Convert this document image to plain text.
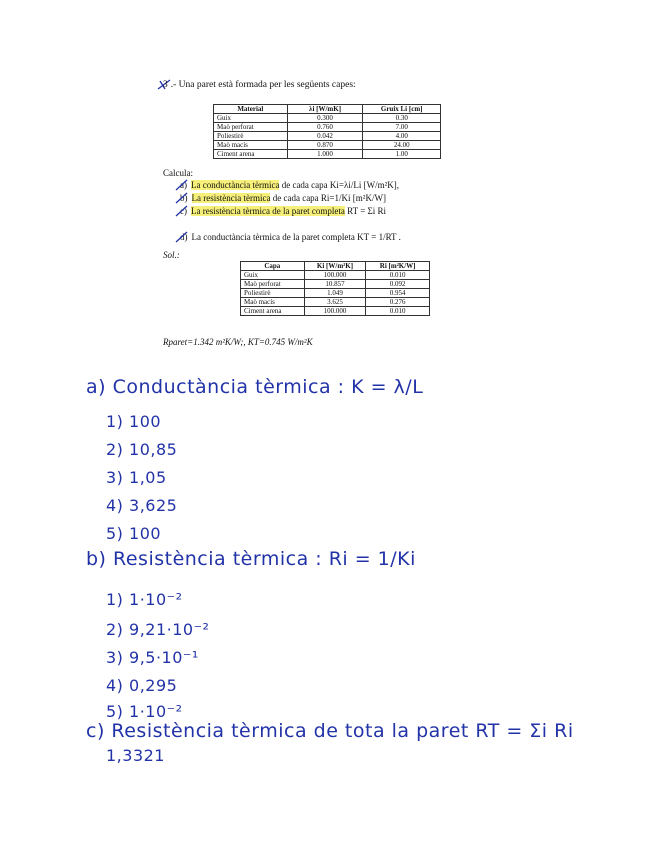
3 .- Una paret està formada per les següents capes:
Material	λi [W/mK]	Gruix Li [cm]
Guix	0.300	0.30
Maò perforat	0.760	7.00
Poliestirè	0.042	4.00
Maò macís	0.870	24.00
Ciment arena	1.000	1.00
Calcula:
a) La conductància tèrmica de cada capa Ki=λi/Li [W/m²K],
b) La resistència tèrmica de cada capa Ri=1/Ki [m²K/W]
c) La resistència tèrmica de la paret completa RT = Σi Ri
d) La conductància tèrmica de la paret completa KT = 1/RT .
Sol.:
Capa	Ki [W/m²K]	Ri [m²K/W]
Guix	100.000	0.010
Maò perforat	10.857	0.092
Poliestirè	1.049	0.954
Maò macís	3.625	0.276
Ciment arena	100.000	0.010
Rparet=1.342 m²K/W;, KT=0.745 W/m²K
a) Conductància tèrmica : K = λ/L
1) 100
2) 10,85
3) 1,05
4) 3,625
5) 100
b) Resistència tèrmica : Ri = 1/Ki
1) 1·10⁻²
2) 9,21·10⁻²
3) 9,5·10⁻¹
4) 0,295
5) 1·10⁻²
c) Resistència tèrmica de tota la paret RT = Σi Ri
1,3321
